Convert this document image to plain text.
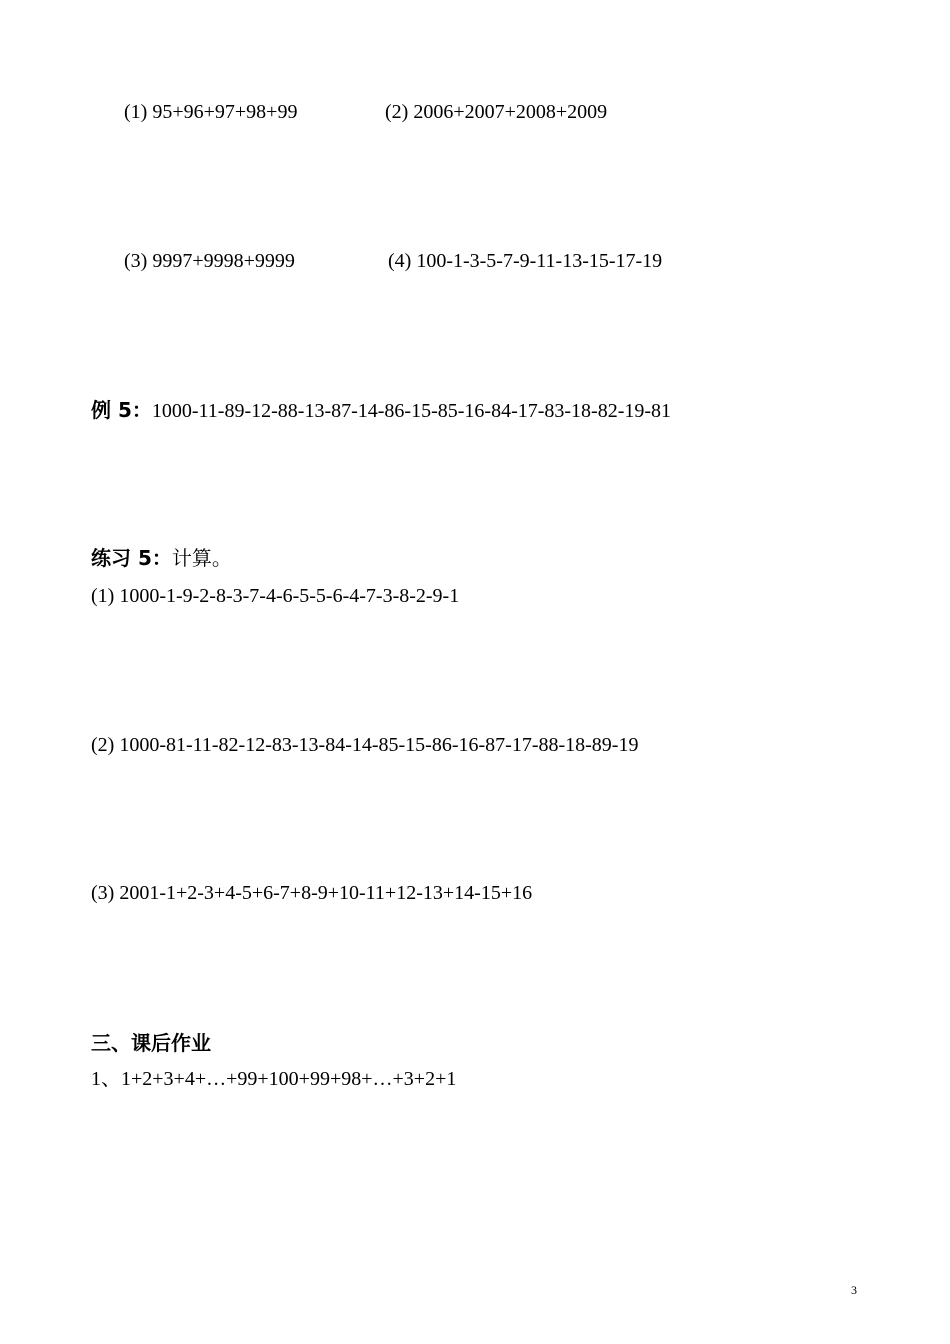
(1) 95+96+97+98+99	(2) 2006+2007+2008+2009
(3) 9997+9998+9999	(4) 100-1-3-5-7-9-11-13-15-17-19
例 5：1000-11-89-12-88-13-87-14-86-15-85-16-84-17-83-18-82-19-81
练习 5：计算。
(1) 1000-1-9-2-8-3-7-4-6-5-5-6-4-7-3-8-2-9-1
(2) 1000-81-11-82-12-83-13-84-14-85-15-86-16-87-17-88-18-89-19
(3) 2001-1+2-3+4-5+6-7+8-9+10-11+12-13+14-15+16
三、课后作业
1、1+2+3+4+…+99+100+99+98+…+3+2+1
3
